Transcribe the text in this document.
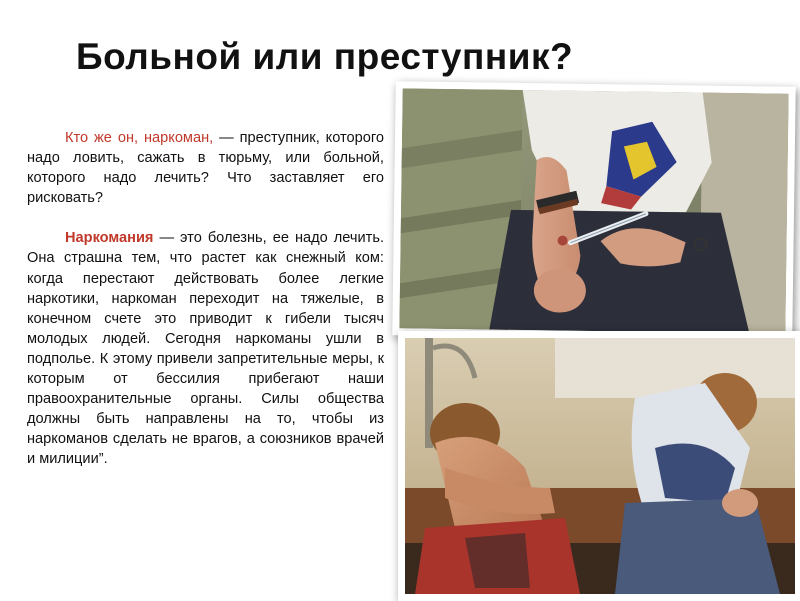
Больной или преступник?

Кто же он, наркоман, — преступник, которого надо ловить, сажать в тюрьму, или больной, которого надо лечить? Что заставляет его рисковать?

Наркомания — это болезнь, ее надо лечить. Она страшна тем, что растет как снежный ком: когда перестают действовать более легкие наркотики, наркоман переходит на тяжелые, в конечном счете это приводит к гибели тысяч молодых людей. Сегодня наркоманы ушли в подполье. К этому привели запретительные меры, к которым от бессилия прибегают наши правоохранительные органы. Силы общества должны быть направлены на то, чтобы из наркоманов сделать не врагов, а союзников врачей и милиции”.
